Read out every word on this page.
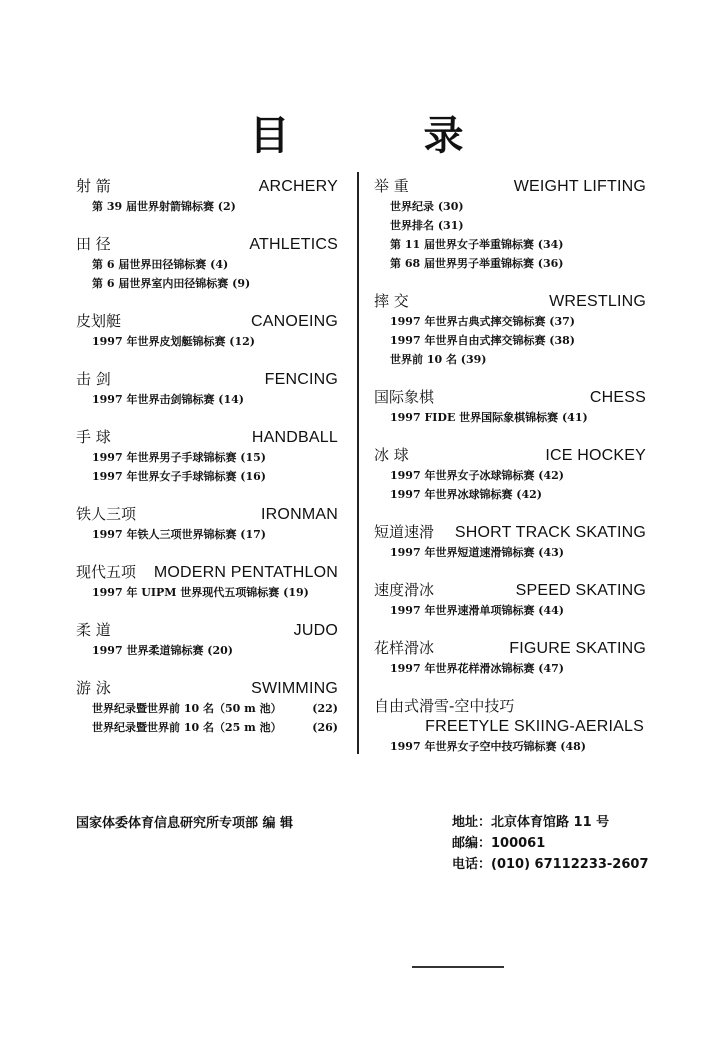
目 录
射 箭	ARCHERY
第 39 届世界射箭锦标赛 (2)
田 径	ATHLETICS
第 6 届世界田径锦标赛 (4)
第 6 届世界室内田径锦标赛 (9)
皮划艇	CANOEING
1997 年世界皮划艇锦标赛 (12)
击 剑	FENCING
1997 年世界击剑锦标赛 (14)
手 球	HANDBALL
1997 年世界男子手球锦标赛 (15)
1997 年世界女子手球锦标赛 (16)
铁人三项	IRONMAN
1997 年铁人三项世界锦标赛 (17)
现代五项 MODERN PENTATHLON
1997 年 UIPM 世界现代五项锦标赛 (19)
柔 道	JUDO
1997 世界柔道锦标赛 (20)
游 泳	SWIMMING
世界纪录暨世界前 10 名（50 m 池）	(22)
世界纪录暨世界前 10 名（25 m 池）	(26)
举 重	WEIGHT LIFTING
世界纪录 (30)
世界排名 (31)
第 11 届世界女子举重锦标赛 (34)
第 68 届世界男子举重锦标赛 (36)
摔 交	WRESTLING
1997 年世界古典式摔交锦标赛 (37)
1997 年世界自由式摔交锦标赛 (38)
世界前 10 名 (39)
国际象棋	CHESS
1997 FIDE 世界国际象棋锦标赛 (41)
冰 球	ICE HOCKEY
1997 年世界女子冰球锦标赛 (42)
1997 年世界冰球锦标赛 (42)
短道速滑 SHORT TRACK SKATING
1997 年世界短道速滑锦标赛 (43)
速度滑冰	SPEED SKATING
1997 年世界速滑单项锦标赛 (44)
花样滑冰	FIGURE SKATING
1997 年世界花样滑冰锦标赛 (47)
自由式滑雪-空中技巧
FREETYLE SKIING-AERIALS
1997 年世界女子空中技巧锦标赛 (48)
国家体委体育信息研究所专项部 编 辑	地址：北京体育馆路 11 号
邮编：100061
电话：(010) 67112233-2607
